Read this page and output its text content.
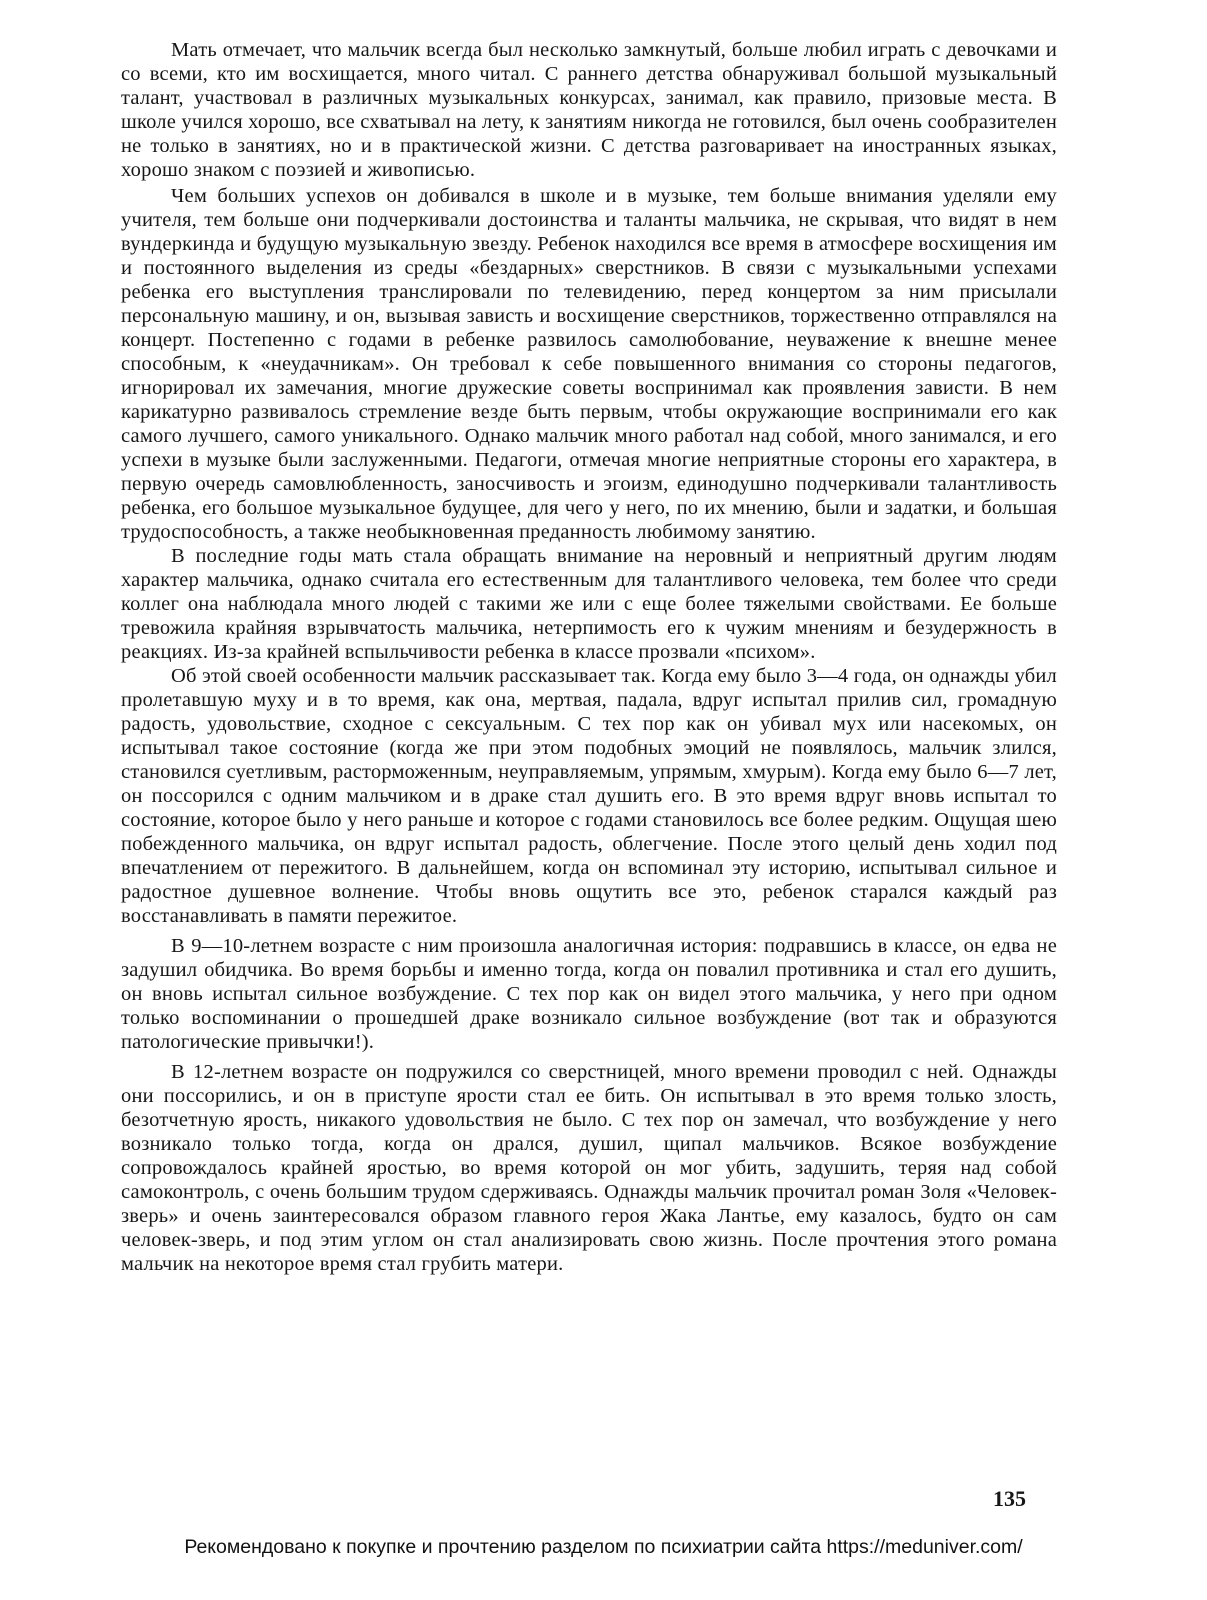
Мать отмечает, что мальчик всегда был несколько замкнутый, больше любил играть с девочками и со всеми, кто им восхищается, много читал. С раннего детства обнаруживал большой музыкальный талант, участвовал в различных музыкальных конкурсах, занимал, как правило, призовые места. В школе учился хорошо, все схватывал на лету, к занятиям никогда не готовился, был очень сообразителен не только в занятиях, но и в практической жизни. С детства разговаривает на иностранных языках, хорошо знаком с поэзией и живописью.

Чем больших успехов он добивался в школе и в музыке, тем больше внимания уделяли ему учителя, тем больше они подчеркивали достоинства и таланты мальчика, не скрывая, что видят в нем вундеркинда и будущую музыкальную звезду. Ребенок находился все время в атмосфере восхищения им и постоянного выделения из среды «бездарных» сверстников. В связи с музыкальными успехами ребенка его выступления транслировали по телевидению, перед концертом за ним присылали персональную машину, и он, вызывая зависть и восхищение сверстников, торжественно отправлялся на концерт. Постепенно с годами в ребенке развилось самолюбование, неуважение к внешне менее способным, к «неудачникам». Он требовал к себе повышенного внимания со стороны педагогов, игнорировал их замечания, многие дружеские советы воспринимал как проявления зависти. В нем карикатурно развивалось стремление везде быть первым, чтобы окружающие воспринимали его как самого лучшего, самого уникального. Однако мальчик много работал над собой, много занимался, и его успехи в музыке были заслуженными. Педагоги, отмечая многие неприятные стороны его характера, в первую очередь самовлюбленность, заносчивость и эгоизм, единодушно подчеркивали талантливость ребенка, его большое музыкальное будущее, для чего у него, по их мнению, были и задатки, и большая трудоспособность, а также необыкновенная преданность любимому занятию.

В последние годы мать стала обращать внимание на неровный и неприятный другим людям характер мальчика, однако считала его естественным для талантливого человека, тем более что среди коллег она наблюдала много людей с такими же или с еще более тяжелыми свойствами. Ее больше тревожила крайняя взрывчатость мальчика, нетерпимость его к чужим мнениям и безудержность в реакциях. Из-за крайней вспыльчивости ребенка в классе прозвали «психом».

Об этой своей особенности мальчик рассказывает так. Когда ему было 3—4 года, он однажды убил пролетавшую муху и в то время, как она, мертвая, падала, вдруг испытал прилив сил, громадную радость, удовольствие, сходное с сексуальным. С тех пор как он убивал мух или насекомых, он испытывал такое состояние (когда же при этом подобных эмоций не появлялось, мальчик злился, становился суетливым, расторможенным, неуправляемым, упрямым, хмурым). Когда ему было 6—7 лет, он поссорился с одним мальчиком и в драке стал душить его. В это время вдруг вновь испытал то состояние, которое было у него раньше и которое с годами становилось все более редким. Ощущая шею побежденного мальчика, он вдруг испытал радость, облегчение. После этого целый день ходил под впечатлением от пережитого. В дальнейшем, когда он вспоминал эту историю, испытывал сильное и радостное душевное волнение. Чтобы вновь ощутить все это, ребенок старался каждый раз восстанавливать в памяти пережитое.

В 9—10-летнем возрасте с ним произошла аналогичная история: подравшись в классе, он едва не задушил обидчика. Во время борьбы и именно тогда, когда он повалил противника и стал его душить, он вновь испытал сильное возбуждение. С тех пор как он видел этого мальчика, у него при одном только воспоминании о прошедшей драке возникало сильное возбуждение (вот так и образуются патологические привычки!).

В 12-летнем возрасте он подружился со сверстницей, много времени проводил с ней. Однажды они поссорились, и он в приступе ярости стал ее бить. Он испытывал в это время только злость, безотчетную ярость, никакого удовольствия не было. С тех пор он замечал, что возбуждение у него возникало только тогда, когда он дрался, душил, щипал мальчиков. Всякое возбуждение сопровождалось крайней яростью, во время которой он мог убить, задушить, теряя над собой самоконтроль, с очень большим трудом сдерживаясь. Однажды мальчик прочитал роман Золя «Человек-зверь» и очень заинтересовался образом главного героя Жака Лантье, ему казалось, будто он сам человек-зверь, и под этим углом он стал анализировать свою жизнь. После прочтения этого романа мальчик на некоторое время стал грубить матери.

135
Рекомендовано к покупке и прочтению разделом по психиатрии сайта https://meduniver.com/
